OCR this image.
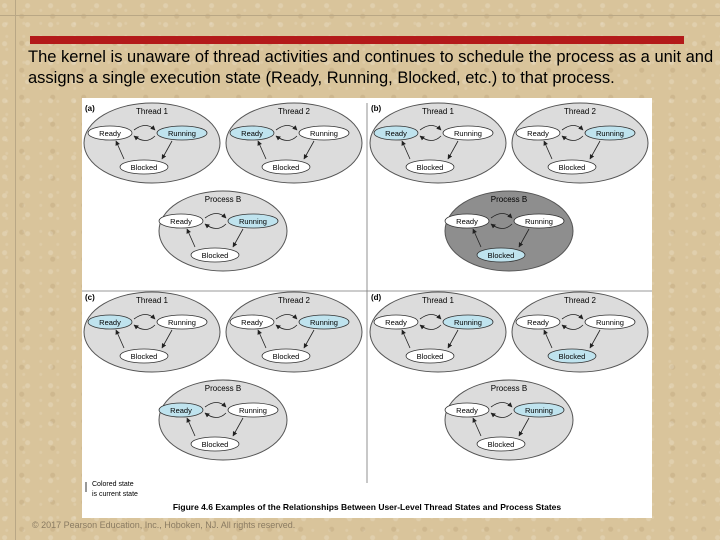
(a)	Thread 1
Ready	Running
Blocked
Thread 2
Ready	Running
Blocked
Process B
Ready	Running
Blocked
(b)	Thread 1
Ready	Running
Blocked
Thread 2
Ready	Running
Blocked
Process B
Ready	Running
Blocked
(c)	Thread 1
Ready	Running
Blocked
Thread 2
Ready	Running
Blocked
Process B
Ready	Running
Blocked
(d)	Thread 1
Ready	Running
Blocked
Thread 2
Ready	Running
Blocked
Process B
Ready	Running
Blocked
Colored state
is current state
Figure 4.6 Examples of the Relationships Between User-Level Thread States and Process States
The kernel is unaware of thread activities and continues to schedule the process as a unit and assigns a single execution state (Ready, Running, Blocked, etc.) to that process.
© 2017 Pearson Education, Inc., Hoboken, NJ. All rights reserved.
